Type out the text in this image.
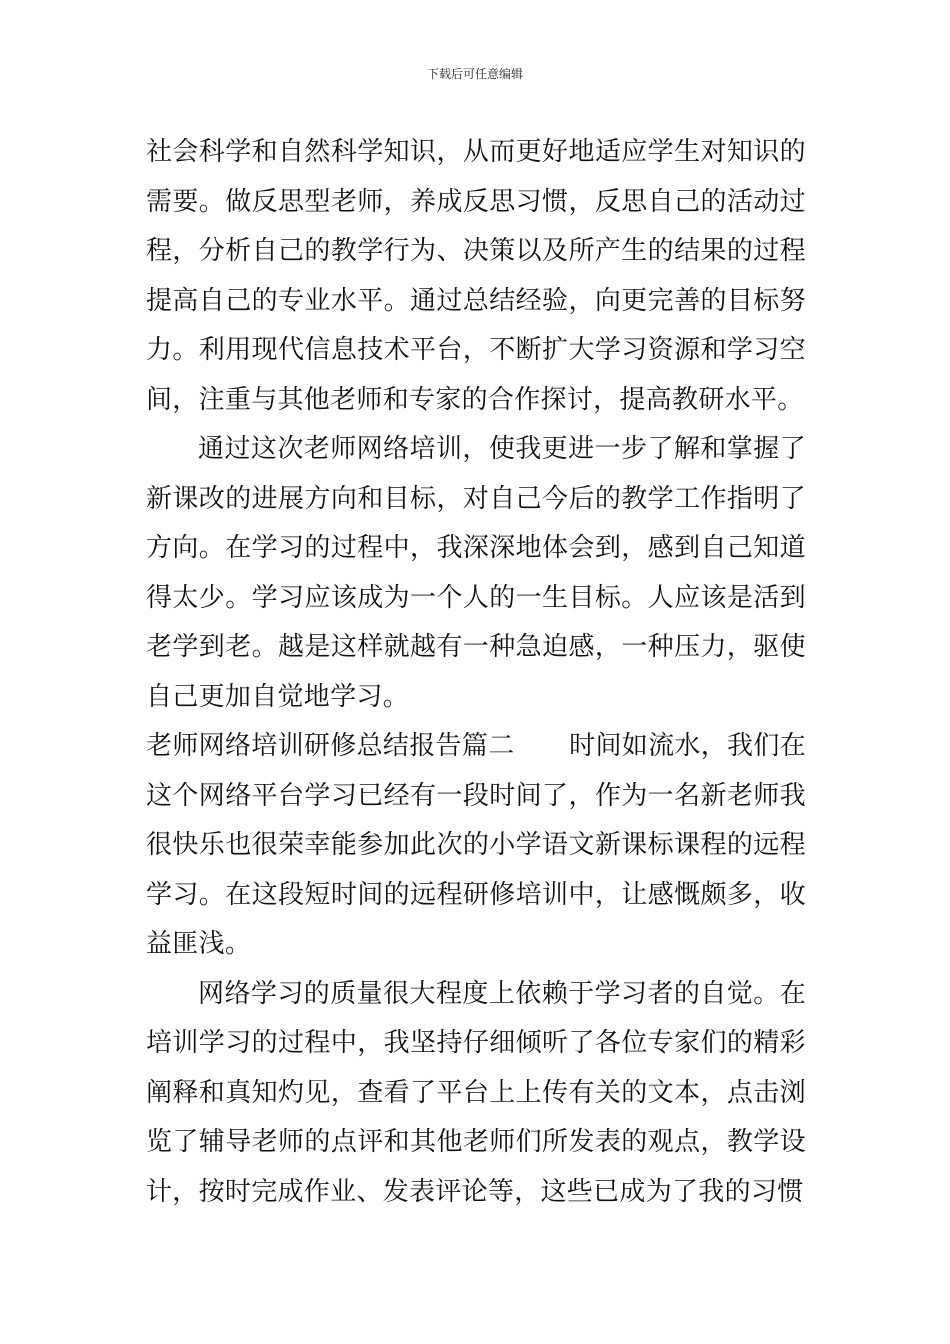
下载后可任意编辑

社会科学和自然科学知识，从而更好地适应学生对知识的需要。做反思型老师，养成反思习惯，反思自己的活动过程，分析自己的教学行为、决策以及所产生的结果的过程提高自己的专业水平。通过总结经验，向更完善的目标努力。利用现代信息技术平台，不断扩大学习资源和学习空间，注重与其他老师和专家的合作探讨，提高教研水平。

通过这次老师网络培训，使我更进一步了解和掌握了新课改的进展方向和目标，对自己今后的教学工作指明了方向。在学习的过程中，我深深地体会到，感到自己知道得太少。学习应该成为一个人的一生目标。人应该是活到老学到老。越是这样就越有一种急迫感，一种压力，驱使自己更加自觉地学习。

老师网络培训研修总结报告篇二 时间如流水，我们在这个网络平台学习已经有一段时间了，作为一名新老师我很快乐也很荣幸能参加此次的小学语文新课标课程的远程学习。在这段短时间的远程研修培训中，让感慨颇多，收益匪浅。

网络学习的质量很大程度上依赖于学习者的自觉。在培训学习的过程中，我坚持仔细倾听了各位专家们的精彩阐释和真知灼见，查看了平台上上传有关的文本，点击浏览了辅导老师的点评和其他老师们所发表的观点，教学设计，按时完成作业、发表评论等，这些已成为了我的习惯
